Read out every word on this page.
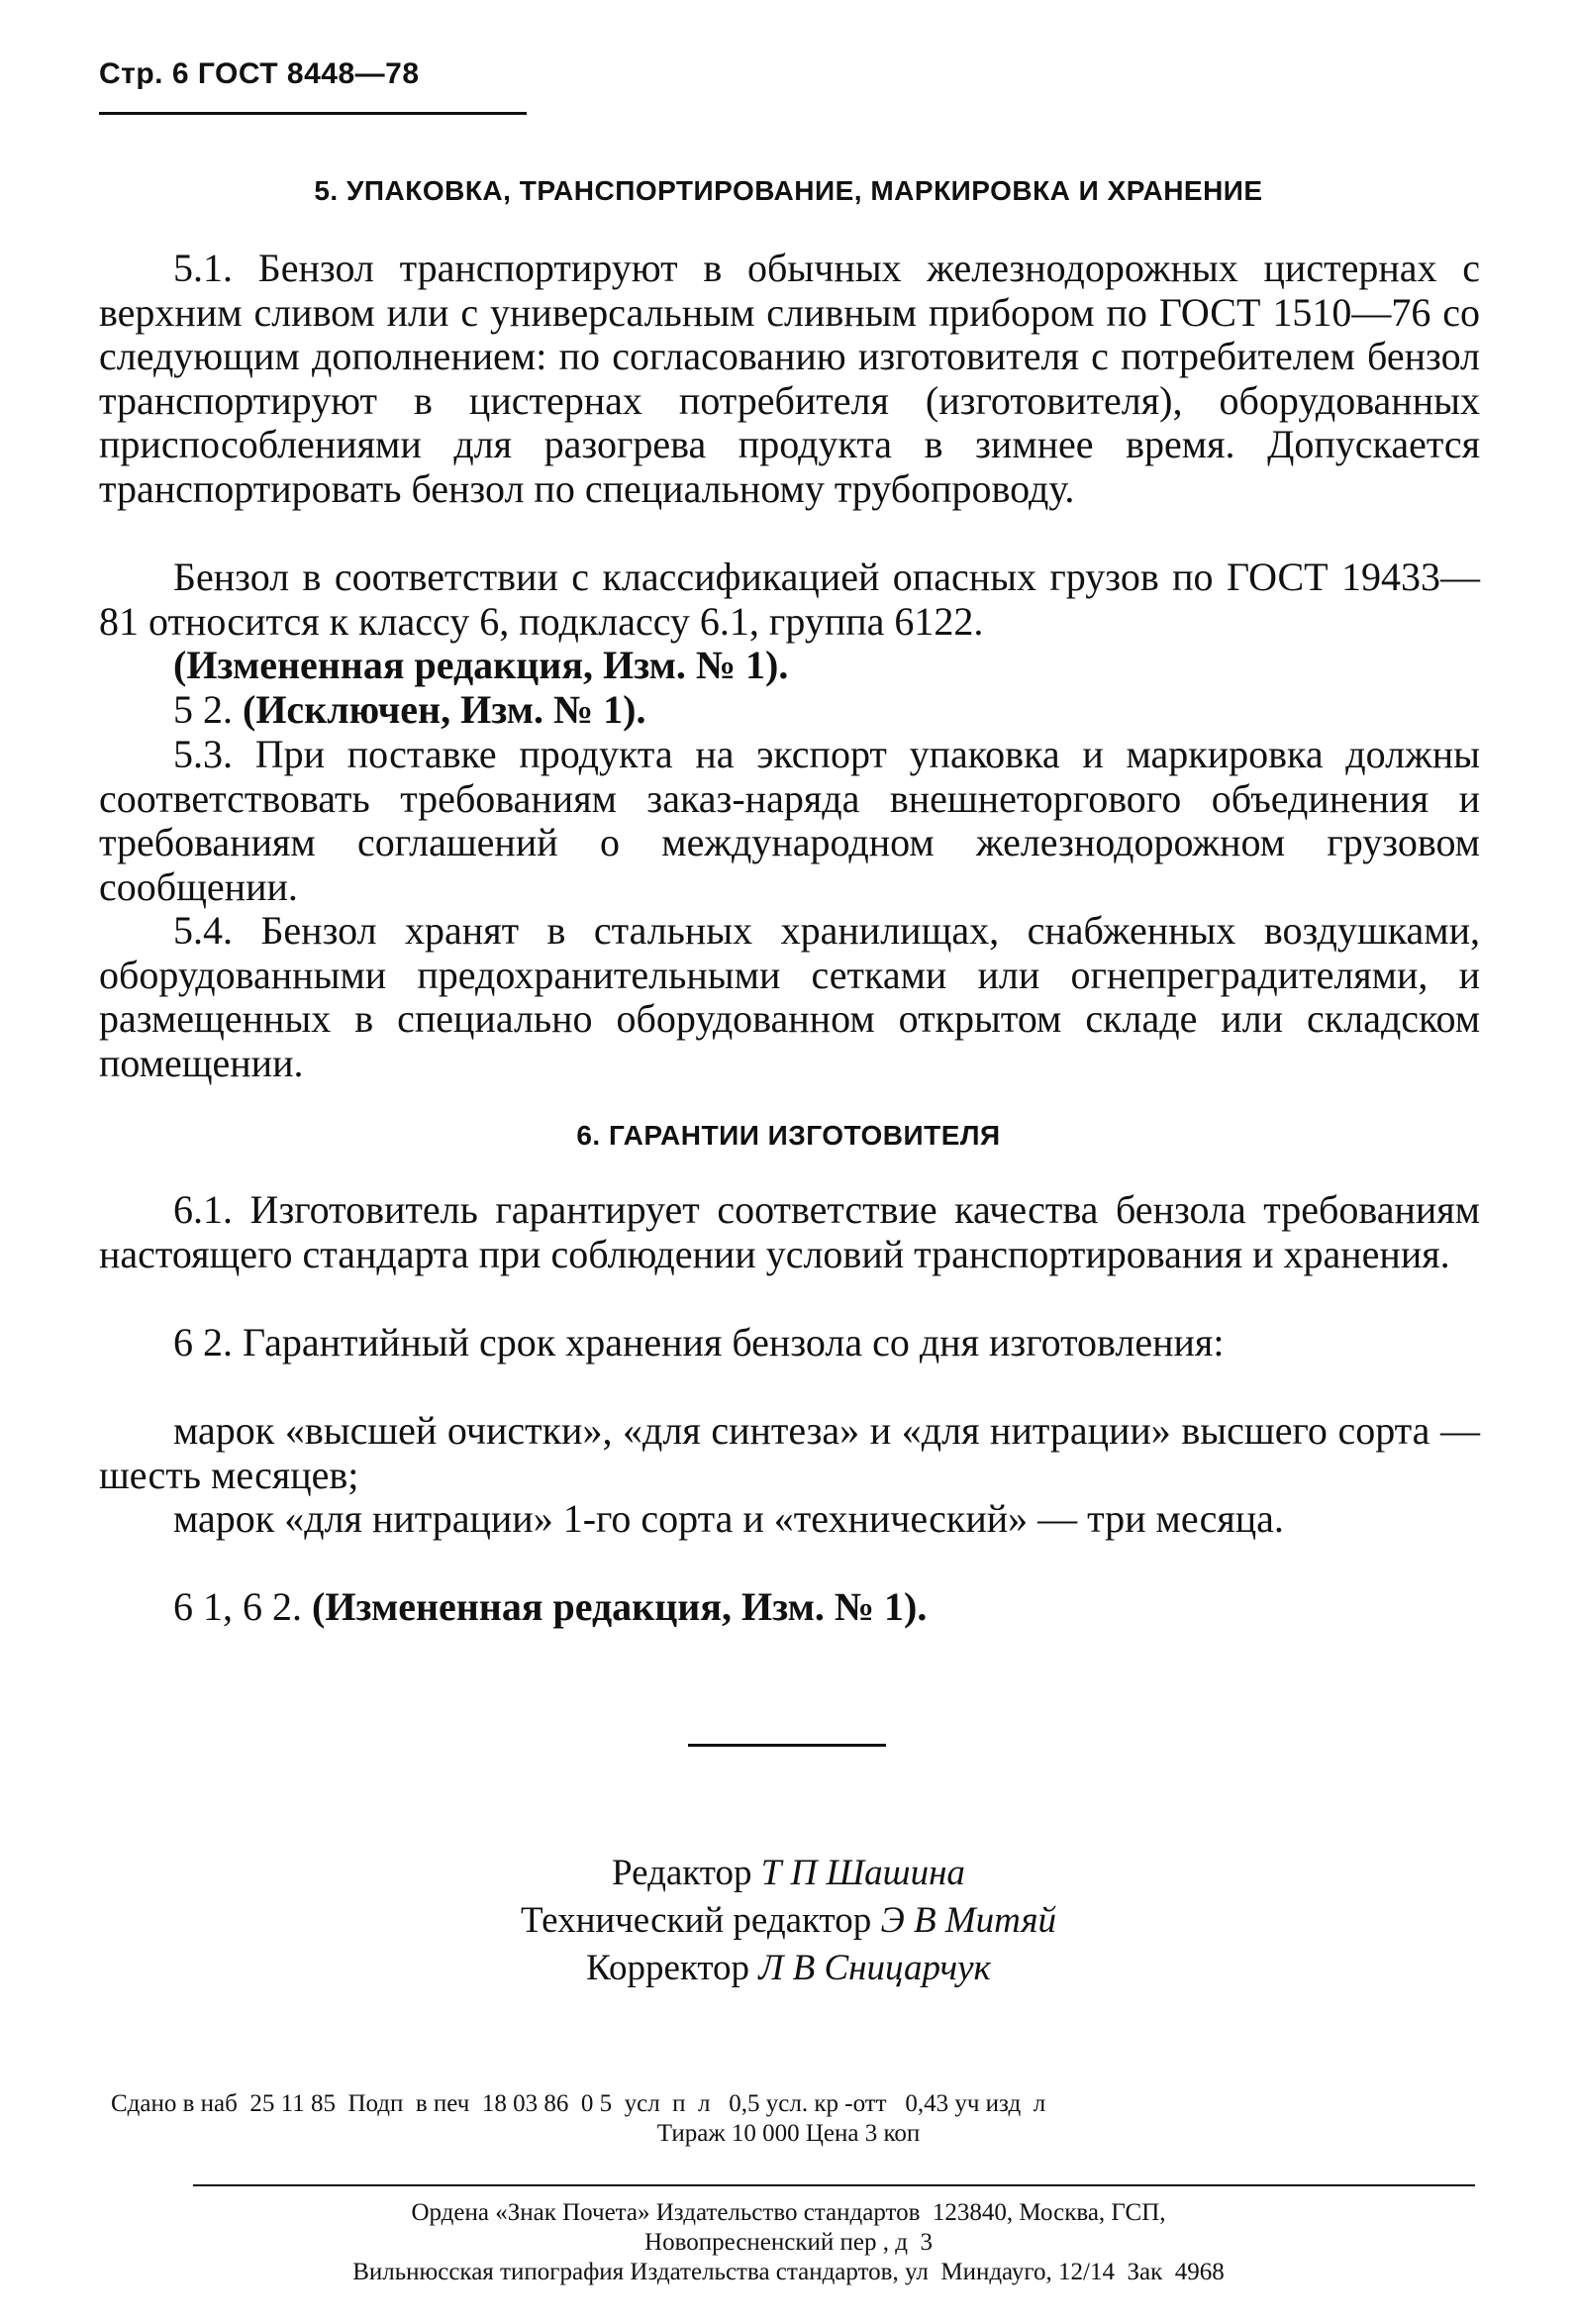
Стр. 6 ГОСТ 8448—78
5. УПАКОВКА, ТРАНСПОРТИРОВАНИЕ, МАРКИРОВКА И ХРАНЕНИЕ
5.1. Бензол транспортируют в обычных железнодорожных цистернах с верхним сливом или с универсальным сливным прибором по ГОСТ 1510—76 со следующим дополнением: по согласованию изготовителя с потребителем бензол транспортируют в цистернах потребителя (изготовителя), оборудованных приспособлениями для разогрева продукта в зимнее время. Допускается транспортировать бензол по специальному трубопроводу.
Бензол в соответствии с классификацией опасных грузов по ГОСТ 19433—81 относится к классу 6, подклассу 6.1, группа 6122.
(Измененная редакция, Изм. № 1).
5 2. (Исключен, Изм. № 1).
5.3. При поставке продукта на экспорт упаковка и маркировка должны соответствовать требованиям заказ-наряда внешнеторгового объединения и требованиям соглашений о международном железнодорожном грузовом сообщении.
5.4. Бензол хранят в стальных хранилищах, снабженных воздушками, оборудованными предохранительными сетками или огнепреградителями, и размещенных в специально оборудованном открытом складе или складском помещении.
6. ГАРАНТИИ ИЗГОТОВИТЕЛЯ
6.1. Изготовитель гарантирует соответствие качества бензола требованиям настоящего стандарта при соблюдении условий транспортирования и хранения.
6 2. Гарантийный срок хранения бензола со дня изготовления:
марок «высшей очистки», «для синтеза» и «для нитрации» высшего сорта — шесть месяцев;
марок «для нитрации» 1-го сорта и «технический» — три месяца.
6 1, 6 2. (Измененная редакция, Изм. № 1).
Редактор Т П Шашина
Технический редактор Э В Митяй
Корректор Л В Сницарчук
Сдано в наб  25 11 85  Подп  в печ  18 03 86  0 5  усл  п  л   0,5 усл. кр -отт   0,43 уч изд  л
Тираж 10 000 Цена 3 коп
Ордена «Знак Почета» Издательство стандартов  123840, Москва, ГСП,
Новопресненский пер , д  3
Вильнюсская типография Издательства стандартов, ул  Миндауго, 12/14  Зак  4968
